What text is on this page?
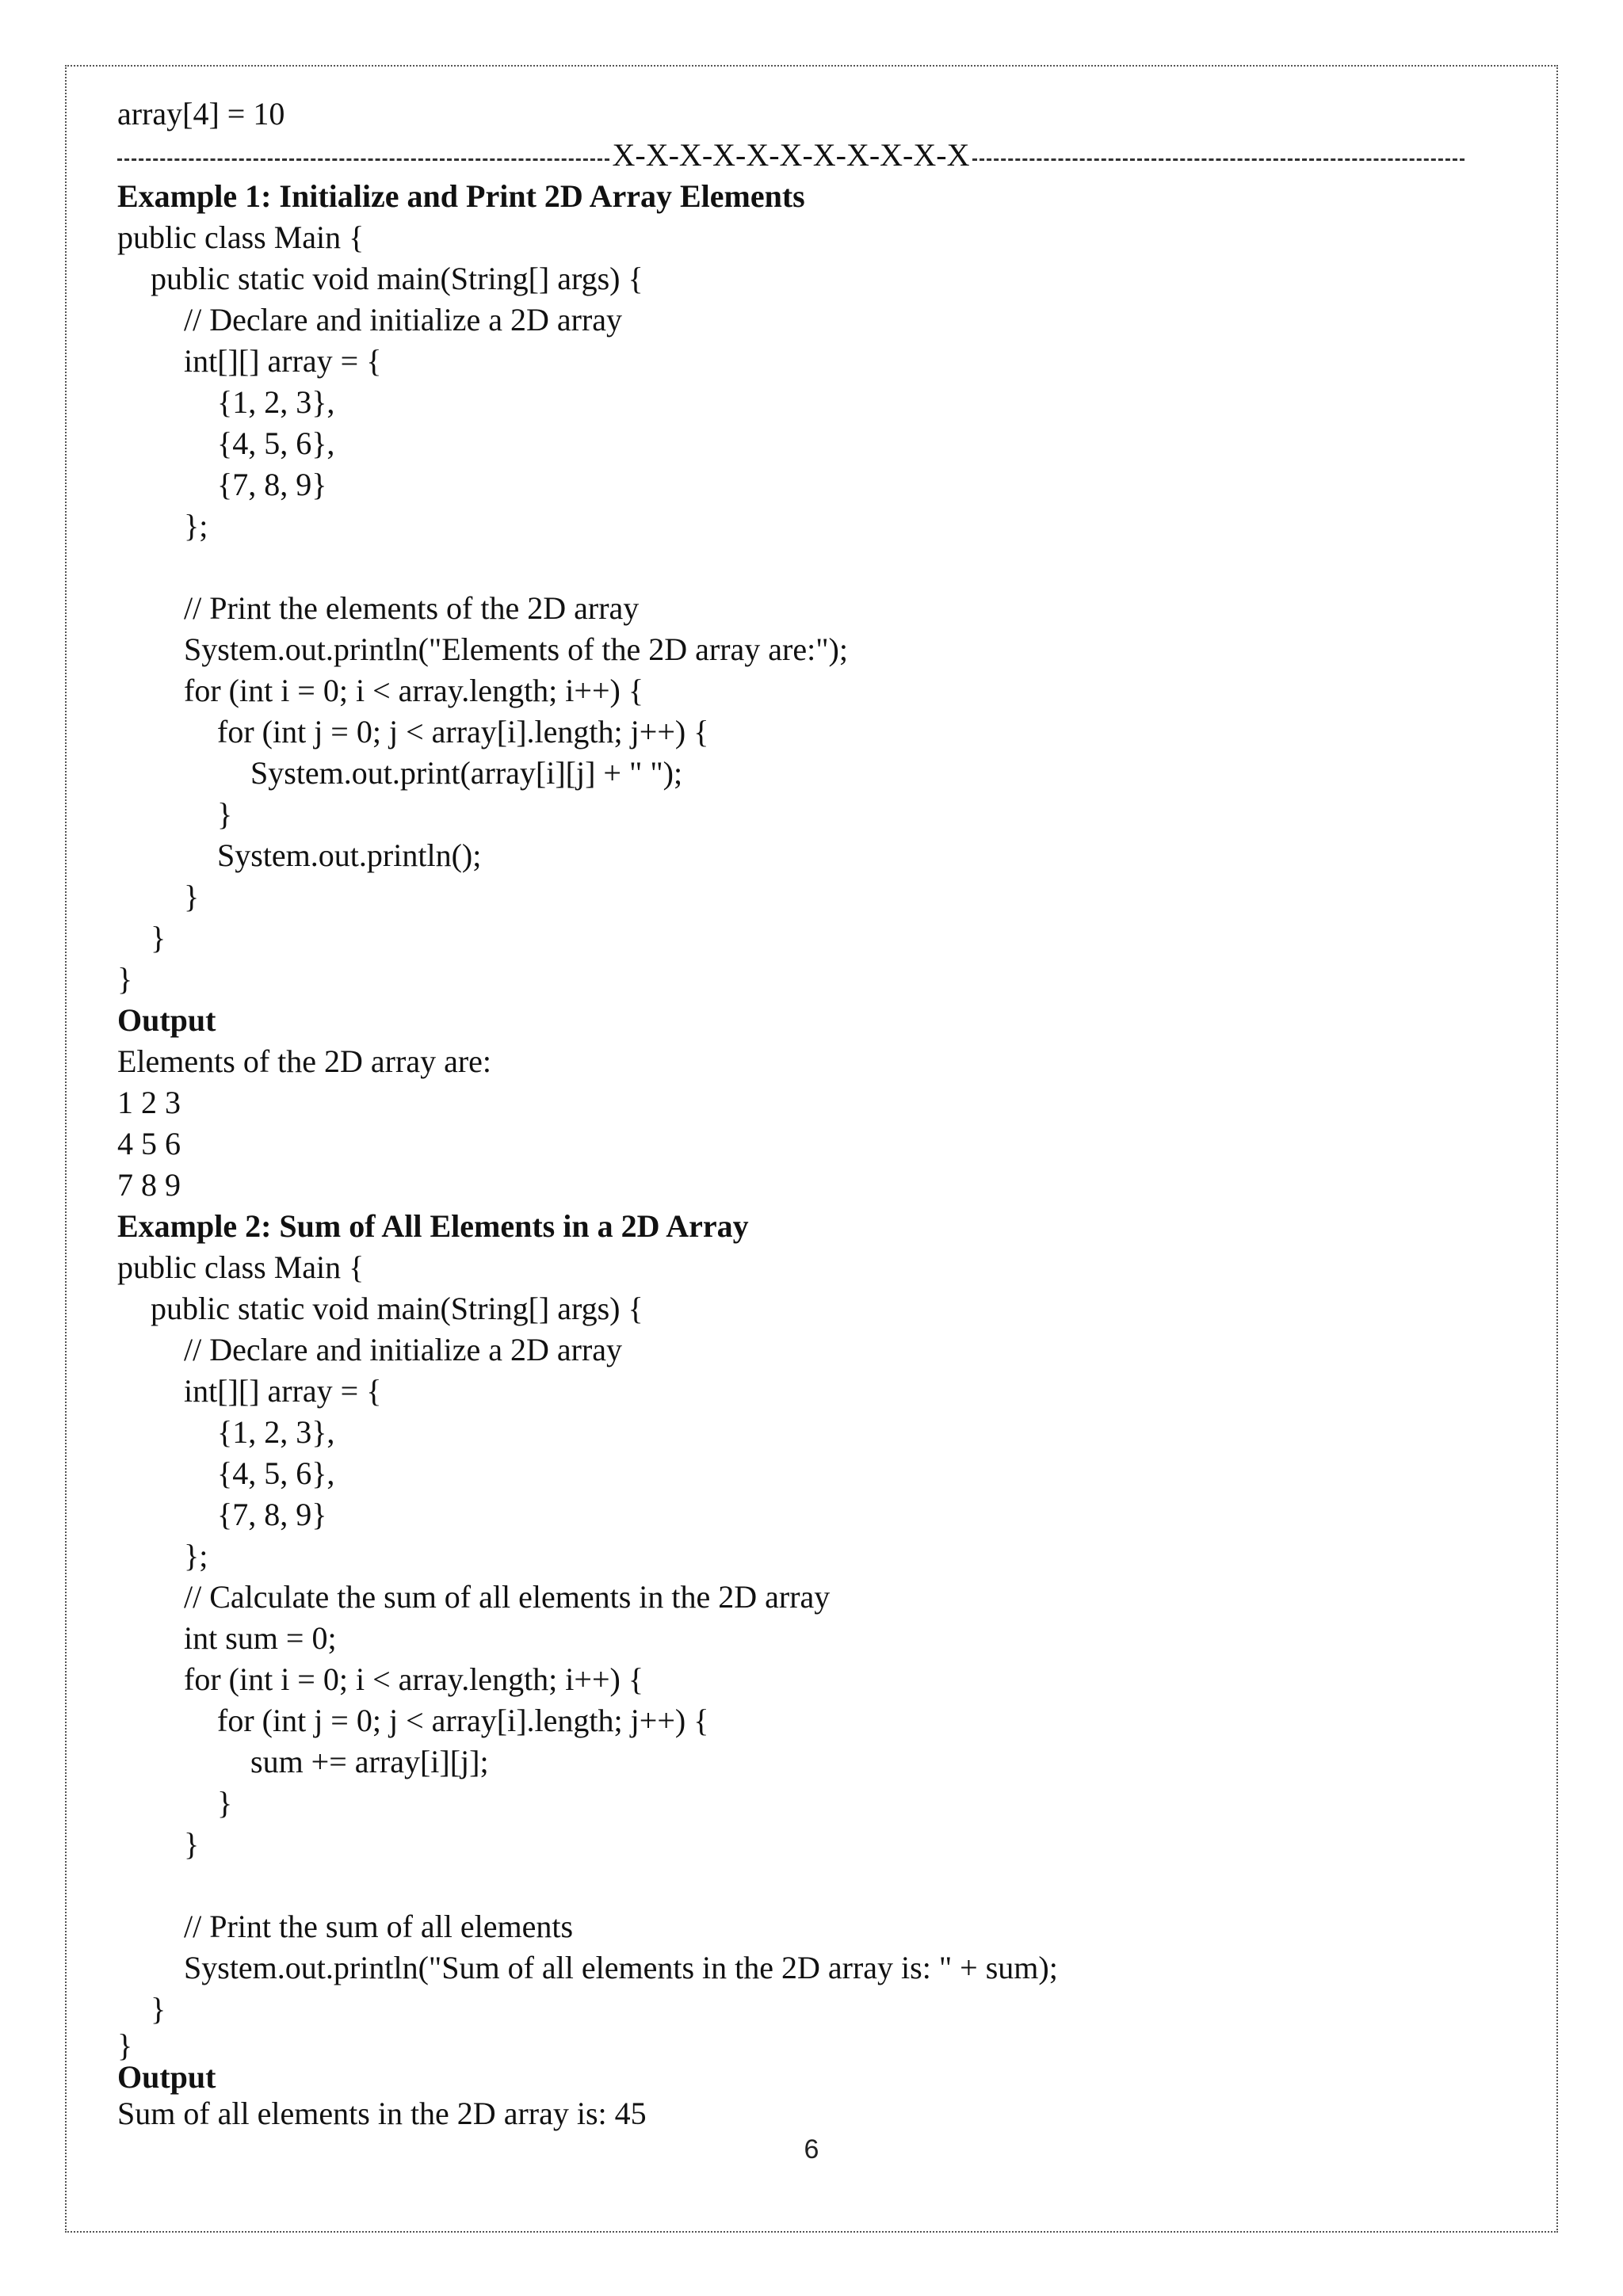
array[4] = 10
X-X-X-X-X-X-X-X-X-X-X
Example 1: Initialize and Print 2D Array Elements
public class Main {
public static void main(String[] args) {
// Declare and initialize a 2D array
int[][] array = {
{1, 2, 3},
{4, 5, 6},
{7, 8, 9}
};
// Print the elements of the 2D array
System.out.println("Elements of the 2D array are:");
for (int i = 0; i < array.length; i++) {
for (int j = 0; j < array[i].length; j++) {
System.out.print(array[i][j] + " ");
}
System.out.println();
}
}
}
Output
Elements of the 2D array are:
1 2 3
4 5 6
7 8 9
Example 2: Sum of All Elements in a 2D Array
public class Main {
public static void main(String[] args) {
// Declare and initialize a 2D array
int[][] array = {
{1, 2, 3},
{4, 5, 6},
{7, 8, 9}
};
// Calculate the sum of all elements in the 2D array
int sum = 0;
for (int i = 0; i < array.length; i++) {
for (int j = 0; j < array[i].length; j++) {
sum += array[i][j];
}
}
// Print the sum of all elements
System.out.println("Sum of all elements in the 2D array is: " + sum);
}
}
Output
Sum of all elements in the 2D array is: 45
6
